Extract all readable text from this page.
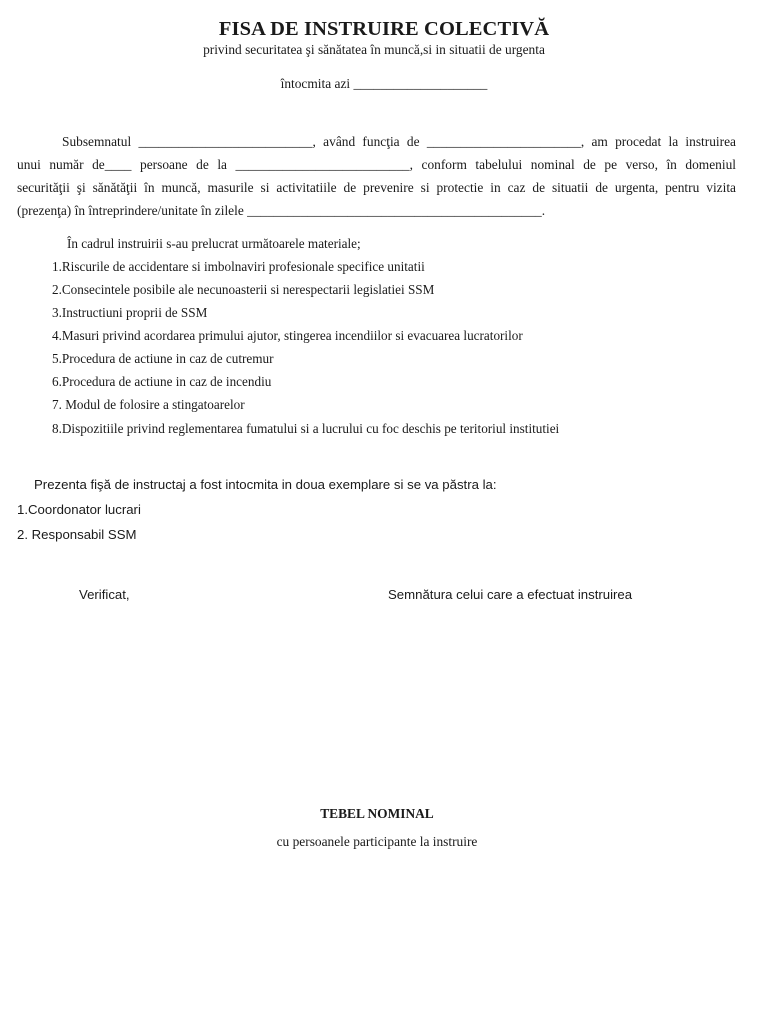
FISA DE INSTRUIRE COLECTIVĂ
privind securitatea şi sănătatea în muncă,si in situatii de urgenta
întocmita azi ____________________
Subsemnatul __________________________, având funcţia de _______________________, am procedat la instruirea
unui număr de____ persoane de la __________________________, conform tabelului nominal de pe verso, în domeniul
securităţii şi sănătăţii în muncă, masurile si activitatiile de prevenire si protectie in caz de situatii de urgenta, pentru vizita
(prezenţa) în întreprindere/unitate în zilele ____________________________________________.
În cadrul instruirii s-au prelucrat următoarele materiale;
1.Riscurile de accidentare si imbolnaviri profesionale specifice unitatii
2.Consecintele posibile ale necunoasterii si nerespectarii legislatiei SSM
3.Instructiuni proprii de SSM
4.Masuri privind acordarea primului ajutor, stingerea incendiilor si evacuarea lucratorilor
5.Procedura de actiune in caz de cutremur
6.Procedura de actiune in caz de incendiu
7. Modul de folosire a stingatoarelor
8.Dispozitiile privind reglementarea fumatului si a lucrului cu foc deschis pe teritoriul institutiei
Prezenta fişă de instructaj a fost intocmita in doua exemplare si se va păstra la:
1.Coordonator lucrari
2. Responsabil SSM
Verificat,	Semnătura celui care a efectuat instruirea
TEBEL NOMINAL
cu persoanele participante la instruire
